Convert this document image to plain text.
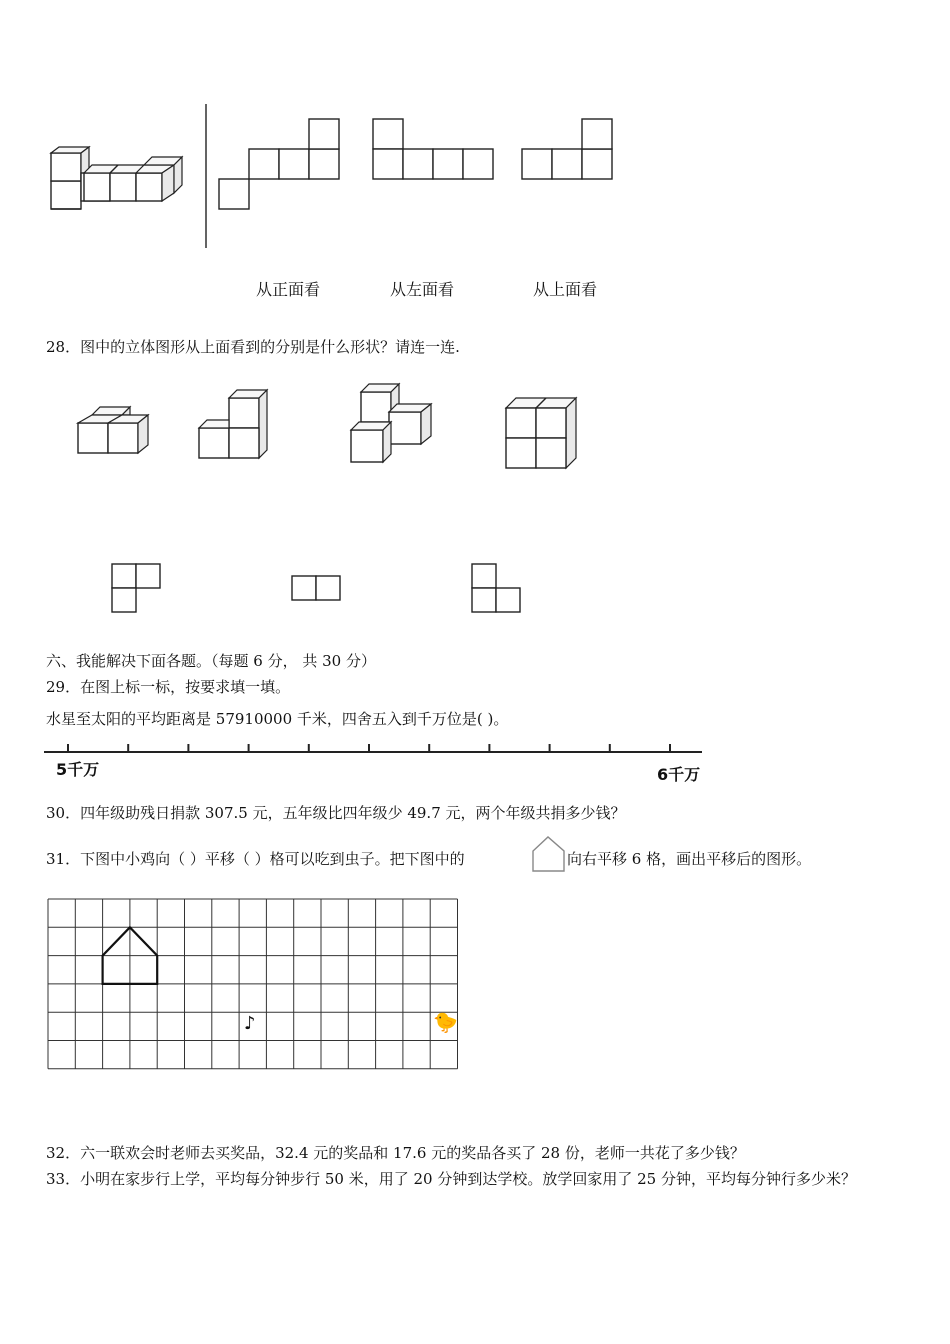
从正面看	从左面看	从上面看
28．图中的立体图形从上面看到的分别是什么形状？请连一连.
六、我能解决下面各题。（每题 6 分， 共 30 分）
29．在图上标一标，按要求填一填。
水星至太阳的平均距离是 57910000 千米，四舍五入到千万位是( )。
5千万	6千万
30．四年级助残日捐款 307.5 元，五年级比四年级少 49.7 元，两个年级共捐多少钱？
31．下图中小鸡向（ ）平移（ ）格可以吃到虫子。把下图中的	向右平移 6 格，画出平移后的图形。
♪	🐤
32．六一联欢会时老师去买奖品，32.4 元的奖品和 17.6 元的奖品各买了 28 份，老师一共花了多少钱？
33．小明在家步行上学，平均每分钟步行 50 米，用了 20 分钟到达学校。放学回家用了 25 分钟，平均每分钟行多少米？
